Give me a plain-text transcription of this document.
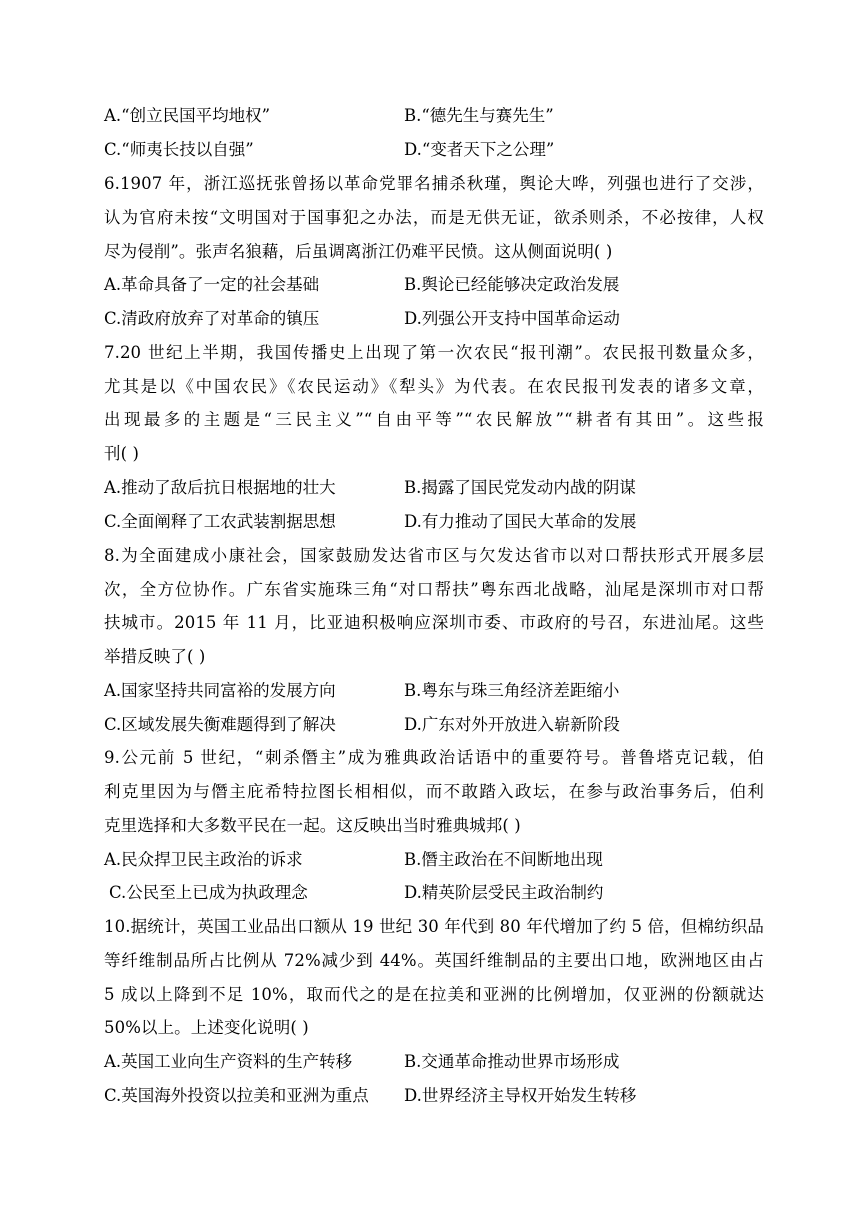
A.“创立民国平均地权”	B.“德先生与赛先生”
C.“师夷长技以自强”	D.“变者天下之公理”
6.1907 年，浙江巡抚张曾扬以革命党罪名捕杀秋瑾，舆论大哗，列强也进行了交涉，
认为官府未按“文明国对于国事犯之办法，而是无供无证，欲杀则杀，不必按律，人权
尽为侵削”。张声名狼藉，后虽调离浙江仍难平民愤。这从侧面说明( )
A.革命具备了一定的社会基础	B.舆论已经能够决定政治发展
C.清政府放弃了对革命的镇压	D.列强公开支持中国革命运动
7.20 世纪上半期，我国传播史上出现了第一次农民“报刊潮”。农民报刊数量众多，
尤其是以《中国农民》《农民运动》《犁头》为代表。在农民报刊发表的诸多文章，
出现最多的主题是“三民主义”“自由平等”“农民解放”“耕者有其田”。这些报
刊( )
A.推动了敌后抗日根据地的壮大	B.揭露了国民党发动内战的阴谋
C.全面阐释了工农武装割据思想	D.有力推动了国民大革命的发展
8.为全面建成小康社会，国家鼓励发达省市区与欠发达省市以对口帮扶形式开展多层
次，全方位协作。广东省实施珠三角“对口帮扶”粤东西北战略，汕尾是深圳市对口帮
扶城市。2015 年 11 月，比亚迪积极响应深圳市委、市政府的号召，东进汕尾。这些
举措反映了( )
A.国家坚持共同富裕的发展方向	B.粤东与珠三角经济差距缩小
C.区域发展失衡难题得到了解决	D.广东对外开放进入崭新阶段
9.公元前 5 世纪，“刺杀僭主”成为雅典政治话语中的重要符号。普鲁塔克记载，伯
利克里因为与僭主庇希特拉图长相相似，而不敢踏入政坛，在参与政治事务后，伯利
克里选择和大多数平民在一起。这反映出当时雅典城邦( )
A.民众捍卫民主政治的诉求	B.僭主政治在不间断地出现
C.公民至上已成为执政理念	D.精英阶层受民主政治制约
10.据统计，英国工业品出口额从 19 世纪 30 年代到 80 年代增加了约 5 倍，但棉纺织品
等纤维制品所占比例从 72%减少到 44%。英国纤维制品的主要出口地，欧洲地区由占
5 成以上降到不足 10%，取而代之的是在拉美和亚洲的比例增加，仅亚洲的份额就达
50%以上。上述变化说明( )
A.英国工业向生产资料的生产转移	B.交通革命推动世界市场形成
C.英国海外投资以拉美和亚洲为重点	D.世界经济主导权开始发生转移
